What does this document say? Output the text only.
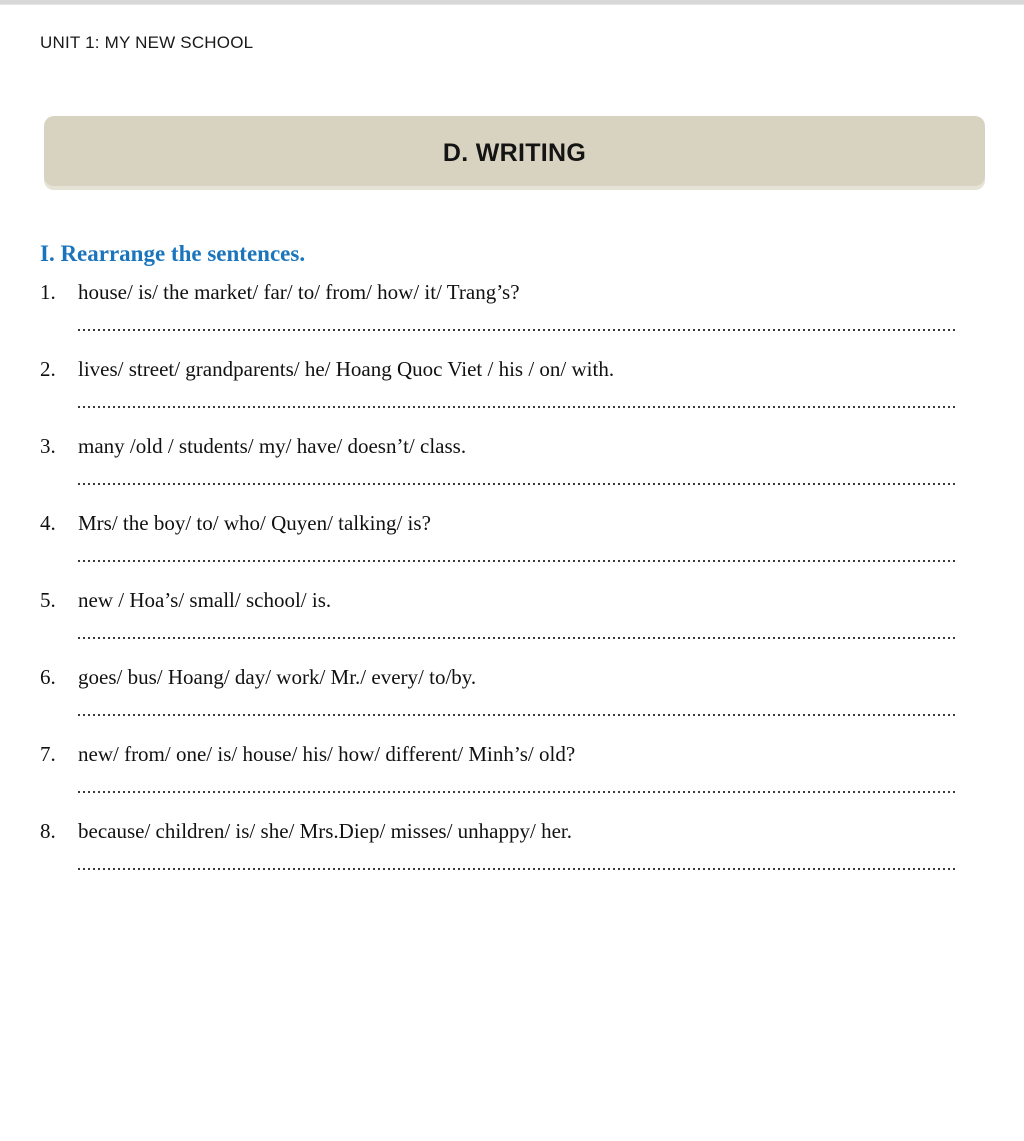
UNIT 1: MY NEW SCHOOL
D. WRITING
I. Rearrange the sentences.
1.	house/ is/ the market/ far/ to/ from/ how/ it/ Trang’s?
2.	lives/ street/ grandparents/ he/ Hoang Quoc Viet / his / on/ with.
3.	many /old / students/ my/ have/ doesn’t/ class.
4.	Mrs/ the boy/ to/ who/ Quyen/ talking/ is?
5.	new / Hoa’s/ small/ school/ is.
6.	goes/ bus/ Hoang/ day/ work/ Mr./ every/ to/by.
7.	new/ from/ one/ is/ house/ his/ how/ different/ Minh’s/ old?
8.	because/ children/ is/ she/ Mrs.Diep/ misses/ unhappy/ her.
